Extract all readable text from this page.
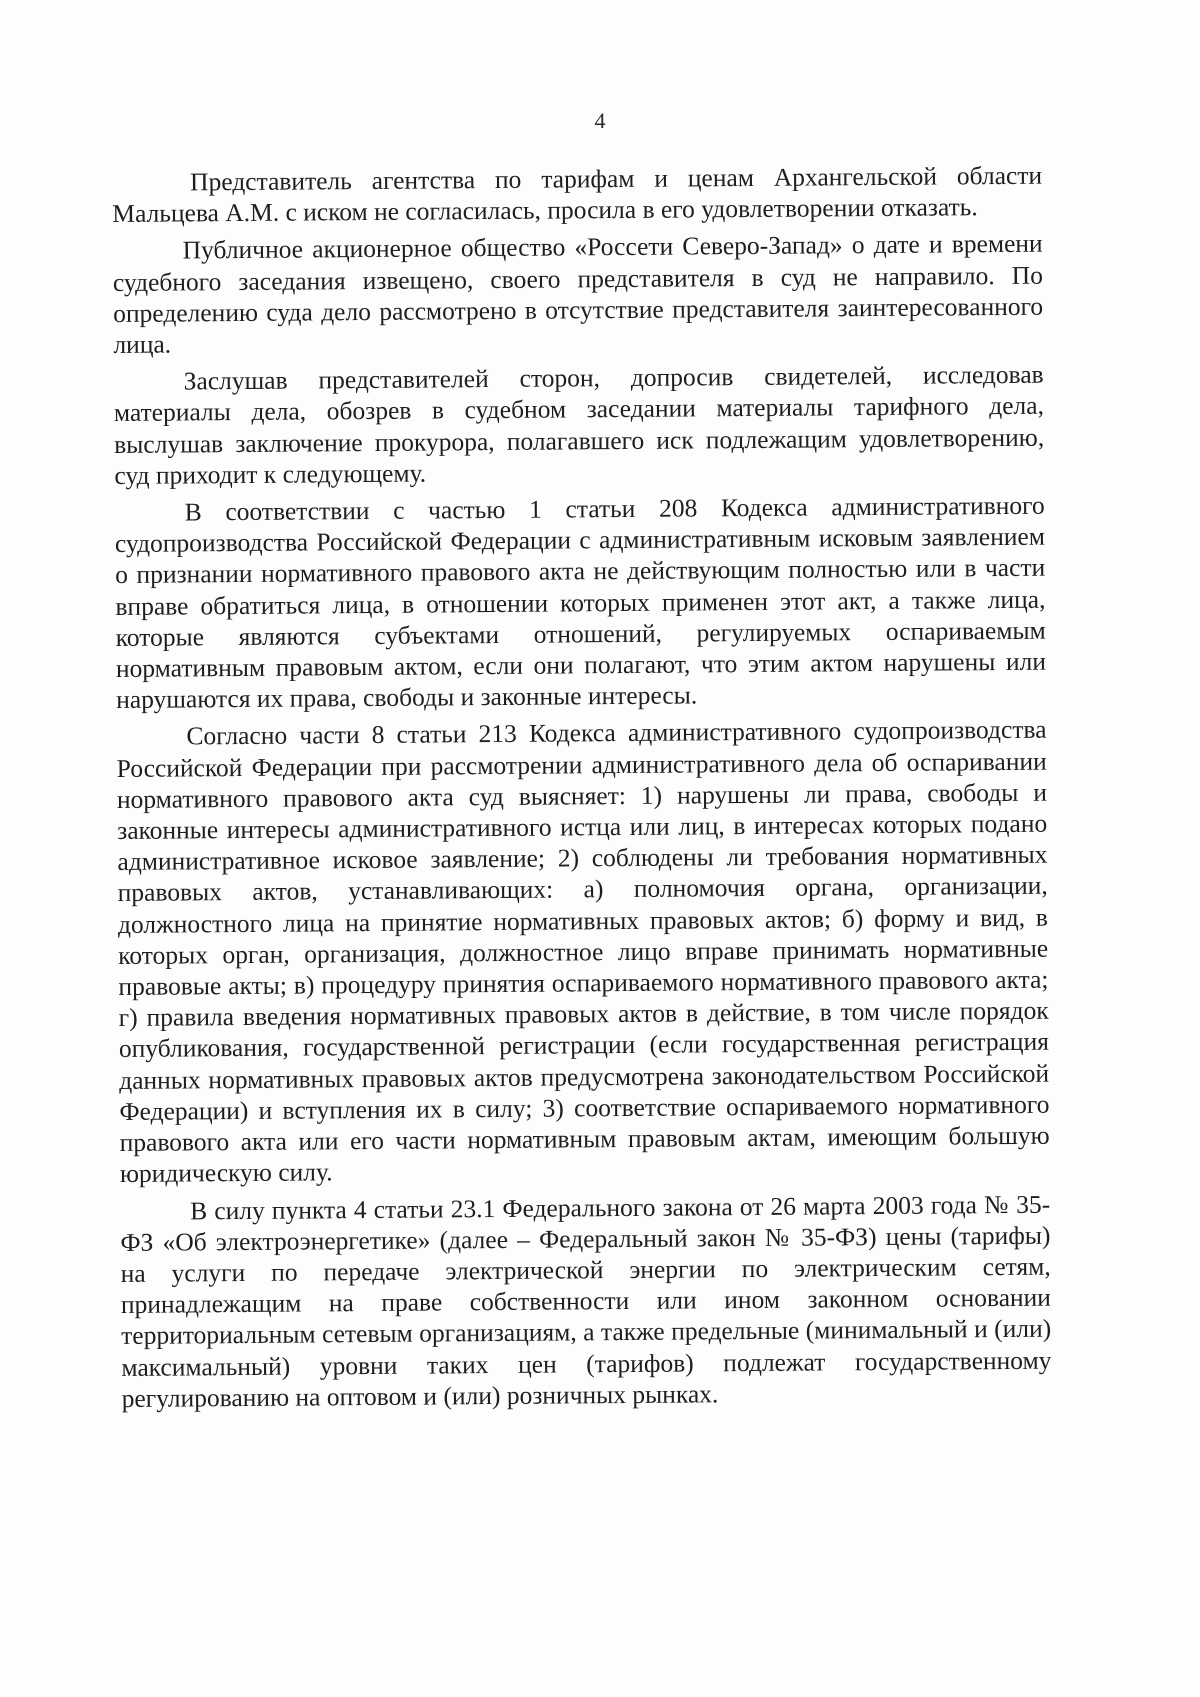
4

Представитель агентства по тарифам и ценам Архангельской области Мальцева А.М. с иском не согласилась, просила в его удовлетворении отказать.

Публичное акционерное общество «Россети Северо-Запад» о дате и времени судебного заседания извещено, своего представителя в суд не направило. По определению суда дело рассмотрено в отсутствие представителя заинтересованного лица.

Заслушав представителей сторон, допросив свидетелей, исследовав материалы дела, обозрев в судебном заседании материалы тарифного дела, выслушав заключение прокурора, полагавшего иск подлежащим удовлетворению, суд приходит к следующему.

В соответствии с частью 1 статьи 208 Кодекса административного судопроизводства Российской Федерации с административным исковым заявлением о признании нормативного правового акта не действующим полностью или в части вправе обратиться лица, в отношении которых применен этот акт, а также лица, которые являются субъектами отношений, регулируемых оспариваемым нормативным правовым актом, если они полагают, что этим актом нарушены или нарушаются их права, свободы и законные интересы.

Согласно части 8 статьи 213 Кодекса административного судопроизводства Российской Федерации при рассмотрении административного дела об оспаривании нормативного правового акта суд выясняет: 1) нарушены ли права, свободы и законные интересы административного истца или лиц, в интересах которых подано административное исковое заявление; 2) соблюдены ли требования нормативных правовых актов, устанавливающих: а) полномочия органа, организации, должностного лица на принятие нормативных правовых актов; б) форму и вид, в которых орган, организация, должностное лицо вправе принимать нормативные правовые акты; в) процедуру принятия оспариваемого нормативного правового акта; г) правила введения нормативных правовых актов в действие, в том числе порядок опубликования, государственной регистрации (если государственная регистрация данных нормативных правовых актов предусмотрена законодательством Российской Федерации) и вступления их в силу; 3) соответствие оспариваемого нормативного правового акта или его части нормативным правовым актам, имеющим большую юридическую силу.

В силу пункта 4 статьи 23.1 Федерального закона от 26 марта 2003 года № 35-ФЗ «Об электроэнергетике» (далее – Федеральный закон № 35-ФЗ) цены (тарифы) на услуги по передаче электрической энергии по электрическим сетям, принадлежащим на праве собственности или ином законном основании территориальным сетевым организациям, а также предельные (минимальный и (или) максимальный) уровни таких цен (тарифов) подлежат государственному регулированию на оптовом и (или) розничных рынках.
